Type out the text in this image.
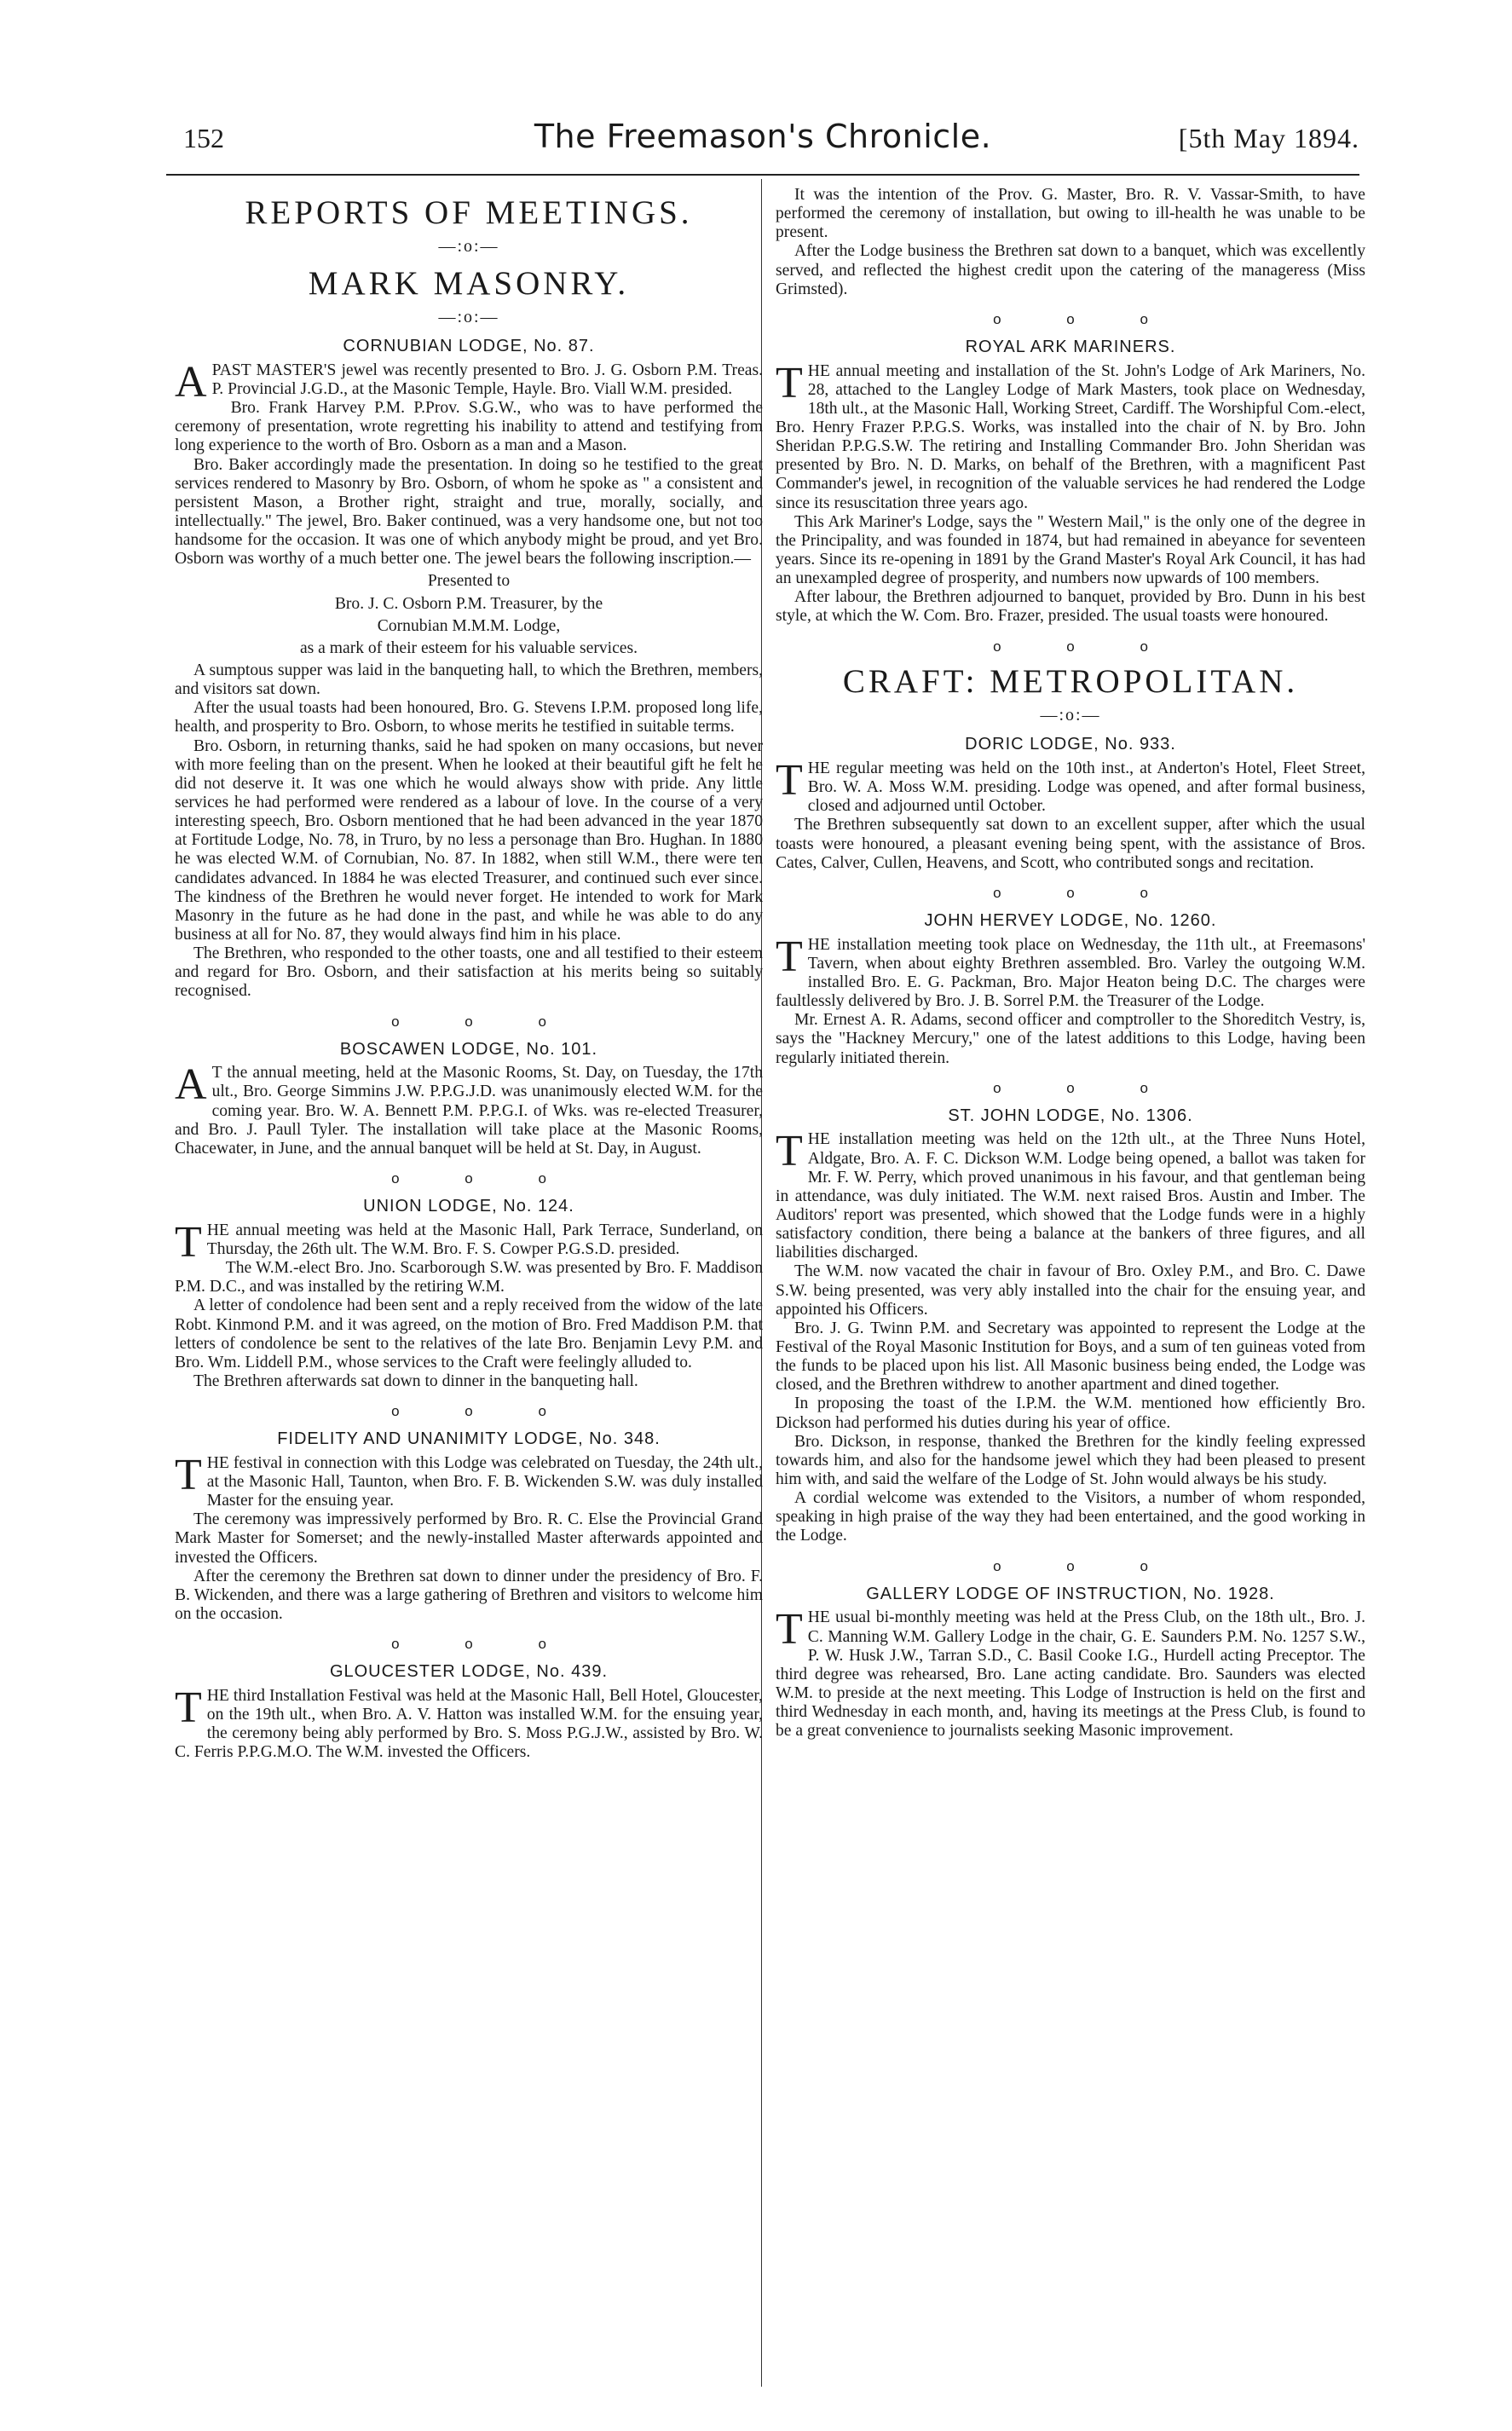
152	The Freemason's Chronicle.	[5th May 1894.
REPORTS OF MEETINGS.
—:o:—
MARK MASONRY.
—:o:—
CORNUBIAN LODGE, No. 87.

APAST MASTER'S jewel was recently presented to Bro. J. G. Osborn P.M. Treas. P. Provincial J.G.D., at the Masonic Temple, Hayle. Bro. Viall W.M. presided.

Bro. Frank Harvey P.M. P.Prov. S.G.W., who was to have performed the ceremony of presentation, wrote regretting his inability to attend and testifying from long experience to the worth of Bro. Osborn as a man and a Mason.

Bro. Baker accordingly made the presentation. In doing so he testified to the great services rendered to Masonry by Bro. Osborn, of whom he spoke as " a consistent and persistent Mason, a Brother right, straight and true, morally, socially, and intellectually." The jewel, Bro. Baker continued, was a very handsome one, but not too handsome for the occasion. It was one of which anybody might be proud, and yet Bro. Osborn was worthy of a much better one. The jewel bears the following inscription.—

Presented to
Bro. J. C. Osborn P.M. Treasurer, by the
Cornubian M.M.M. Lodge,
as a mark of their esteem for his valuable services.

A sumptous supper was laid in the banqueting hall, to which the Brethren, members, and visitors sat down.

After the usual toasts had been honoured, Bro. G. Stevens I.P.M. proposed long life, health, and prosperity to Bro. Osborn, to whose merits he testified in suitable terms.

Bro. Osborn, in returning thanks, said he had spoken on many occasions, but never with more feeling than on the present. When he looked at their beautiful gift he felt he did not deserve it. It was one which he would always show with pride. Any little services he had performed were rendered as a labour of love. In the course of a very interesting speech, Bro. Osborn mentioned that he had been advanced in the year 1870 at Fortitude Lodge, No. 78, in Truro, by no less a personage than Bro. Hughan. In 1880 he was elected W.M. of Cornubian, No. 87. In 1882, when still W.M., there were ten candidates advanced. In 1884 he was elected Treasurer, and continued such ever since. The kindness of the Brethren he would never forget. He intended to work for Mark Masonry in the future as he had done in the past, and while he was able to do any business at all for No. 87, they would always find him in his place.

The Brethren, who responded to the other toasts, one and all testified to their esteem and regard for Bro. Osborn, and their satisfaction at his merits being so suitably recognised.

o o o
BOSCAWEN LODGE, No. 101.

A T the annual meeting, held at the Masonic Rooms, St. Day, on Tuesday, the 17th ult., Bro. George Simmins J.W. P.P.G.J.D. was unanimously elected W.M. for the coming year. Bro. W. A. Bennett P.M. P.P.G.I. of Wks. was re-elected Treasurer, and Bro. J. Paull Tyler. The installation will take place at the Masonic Rooms, Chacewater, in June, and the annual banquet will be held at St. Day, in August.

o o o
UNION LODGE, No. 124.

THE annual meeting was held at the Masonic Hall, Park Terrace, Sunderland, on Thursday, the 26th ult. The W.M. Bro. F. S. Cowper P.G.S.D. presided.

The W.M.-elect Bro. Jno. Scarborough S.W. was presented by Bro. F. Maddison P.M. D.C., and was installed by the retiring W.M.

A letter of condolence had been sent and a reply received from the widow of the late Robt. Kinmond P.M. and it was agreed, on the motion of Bro. Fred Maddison P.M. that letters of condolence be sent to the relatives of the late Bro. Benjamin Levy P.M. and Bro. Wm. Liddell P.M., whose services to the Craft were feelingly alluded to.

The Brethren afterwards sat down to dinner in the banqueting hall.

o o o
FIDELITY AND UNANIMITY LODGE, No. 348.

THE festival in connection with this Lodge was celebrated on Tuesday, the 24th ult., at the Masonic Hall, Taunton, when Bro. F. B. Wickenden S.W. was duly installed Master for the ensuing year.

The ceremony was impressively performed by Bro. R. C. Else the Provincial Grand Mark Master for Somerset; and the newly-installed Master afterwards appointed and invested the Officers.

After the ceremony the Brethren sat down to dinner under the presidency of Bro. F. B. Wickenden, and there was a large gathering of Brethren and visitors to welcome him on the occasion.

o o o
GLOUCESTER LODGE, No. 439.

THE third Installation Festival was held at the Masonic Hall, Bell Hotel, Gloucester, on the 19th ult., when Bro. A. V. Hatton was installed W.M. for the ensuing year, the ceremony being ably performed by Bro. S. Moss P.G.J.W., assisted by Bro. W. C. Ferris P.P.G.M.O. The W.M. invested the Officers.

It was the intention of the Prov. G. Master, Bro. R. V. Vassar-Smith, to have performed the ceremony of installation, but owing to ill-health he was unable to be present.

After the Lodge business the Brethren sat down to a banquet, which was excellently served, and reflected the highest credit upon the catering of the manageress (Miss Grimsted).

o o o
ROYAL ARK MARINERS.

THE annual meeting and installation of the St. John's Lodge of Ark Mariners, No. 28, attached to the Langley Lodge of Mark Masters, took place on Wednesday, 18th ult., at the Masonic Hall, Working Street, Cardiff. The Worshipful Com.-elect, Bro. Henry Frazer P.P.G.S. Works, was installed into the chair of N. by Bro. John Sheridan P.P.G.S.W. The retiring and Installing Commander Bro. John Sheridan was presented by Bro. N. D. Marks, on behalf of the Brethren, with a magnificent Past Commander's jewel, in recognition of the valuable services he had rendered the Lodge since its resuscitation three years ago.

This Ark Mariner's Lodge, says the " Western Mail," is the only one of the degree in the Principality, and was founded in 1874, but had remained in abeyance for seventeen years. Since its re-opening in 1891 by the Grand Master's Royal Ark Council, it has had an unexampled degree of prosperity, and numbers now upwards of 100 members.

After labour, the Brethren adjourned to banquet, provided by Bro. Dunn in his best style, at which the W. Com. Bro. Frazer, presided. The usual toasts were honoured.

o o o
CRAFT: METROPOLITAN.
—:o:—
DORIC LODGE, No. 933.

THE regular meeting was held on the 10th inst., at Anderton's Hotel, Fleet Street, Bro. W. A. Moss W.M. presiding. Lodge was opened, and after formal business, closed and adjourned until October.

The Brethren subsequently sat down to an excellent supper, after which the usual toasts were honoured, a pleasant evening being spent, with the assistance of Bros. Cates, Calver, Cullen, Heavens, and Scott, who contributed songs and recitation.

o o o
JOHN HERVEY LODGE, No. 1260.

THE installation meeting took place on Wednesday, the 11th ult., at Freemasons' Tavern, when about eighty Brethren assembled. Bro. Varley the outgoing W.M. installed Bro. E. G. Packman, Bro. Major Heaton being D.C. The charges were faultlessly delivered by Bro. J. B. Sorrel P.M. the Treasurer of the Lodge.

Mr. Ernest A. R. Adams, second officer and comptroller to the Shoreditch Vestry, is, says the "Hackney Mercury," one of the latest additions to this Lodge, having been regularly initiated therein.

o o o
ST. JOHN LODGE, No. 1306.

THE installation meeting was held on the 12th ult., at the Three Nuns Hotel, Aldgate, Bro. A. F. C. Dickson W.M. Lodge being opened, a ballot was taken for Mr. F. W. Perry, which proved unanimous in his favour, and that gentleman being in attendance, was duly initiated. The W.M. next raised Bros. Austin and Imber. The Auditors' report was presented, which showed that the Lodge funds were in a highly satisfactory condition, there being a balance at the bankers of three figures, and all liabilities discharged.

The W.M. now vacated the chair in favour of Bro. Oxley P.M., and Bro. C. Dawe S.W. being presented, was very ably installed into the chair for the ensuing year, and appointed his Officers.

Bro. J. G. Twinn P.M. and Secretary was appointed to represent the Lodge at the Festival of the Royal Masonic Institution for Boys, and a sum of ten guineas voted from the funds to be placed upon his list. All Masonic business being ended, the Lodge was closed, and the Brethren withdrew to another apartment and dined together.

In proposing the toast of the I.P.M. the W.M. mentioned how efficiently Bro. Dickson had performed his duties during his year of office.

Bro. Dickson, in response, thanked the Brethren for the kindly feeling expressed towards him, and also for the handsome jewel which they had been pleased to present him with, and said the welfare of the Lodge of St. John would always be his study.

A cordial welcome was extended to the Visitors, a number of whom responded, speaking in high praise of the way they had been entertained, and the good working in the Lodge.

o o o
GALLERY LODGE OF INSTRUCTION, No. 1928.

THE usual bi-monthly meeting was held at the Press Club, on the 18th ult., Bro. J. C. Manning W.M. Gallery Lodge in the chair, G. E. Saunders P.M. No. 1257 S.W., P. W. Husk J.W., Tarran S.D., C. Basil Cooke I.G., Hurdell acting Preceptor. The third degree was rehearsed, Bro. Lane acting candidate. Bro. Saunders was elected W.M. to preside at the next meeting. This Lodge of Instruction is held on the first and third Wednesday in each month, and, having its meetings at the Press Club, is found to be a great convenience to journalists seeking Masonic improvement.
